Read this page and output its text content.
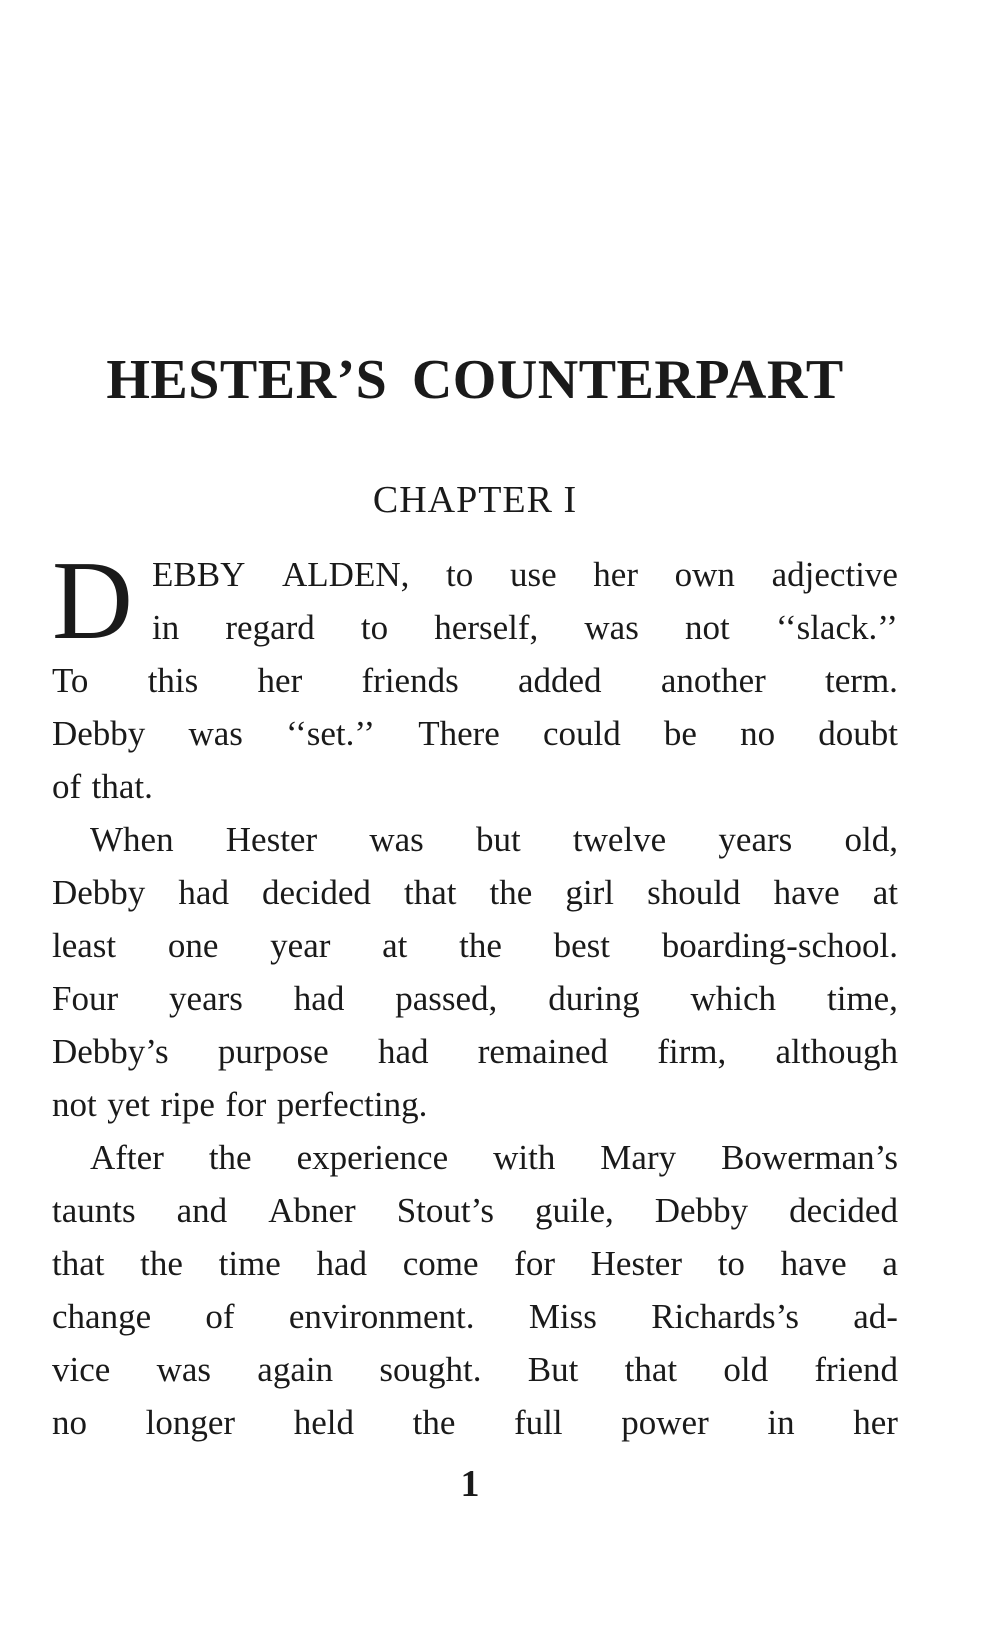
HESTER’S COUNTERPART
CHAPTER I
D EBBY ALDEN, to use her own adjective
in regard to herself, was not ‘‘slack.’’
To this her friends added another term.
Debby was ‘‘set.’’ There could be no doubt
of that.
When Hester was but twelve years old,
Debby had decided that the girl should have at
least one year at the best boarding-school.
Four years had passed, during which time,
Debby’s purpose had remained firm, although
not yet ripe for perfecting.
After the experience with Mary Bowerman’s
taunts and Abner Stout’s guile, Debby decided
that the time had come for Hester to have a
change of environment. Miss Richards’s ad-
vice was again sought. But that old friend
no longer held the full power in her
1
